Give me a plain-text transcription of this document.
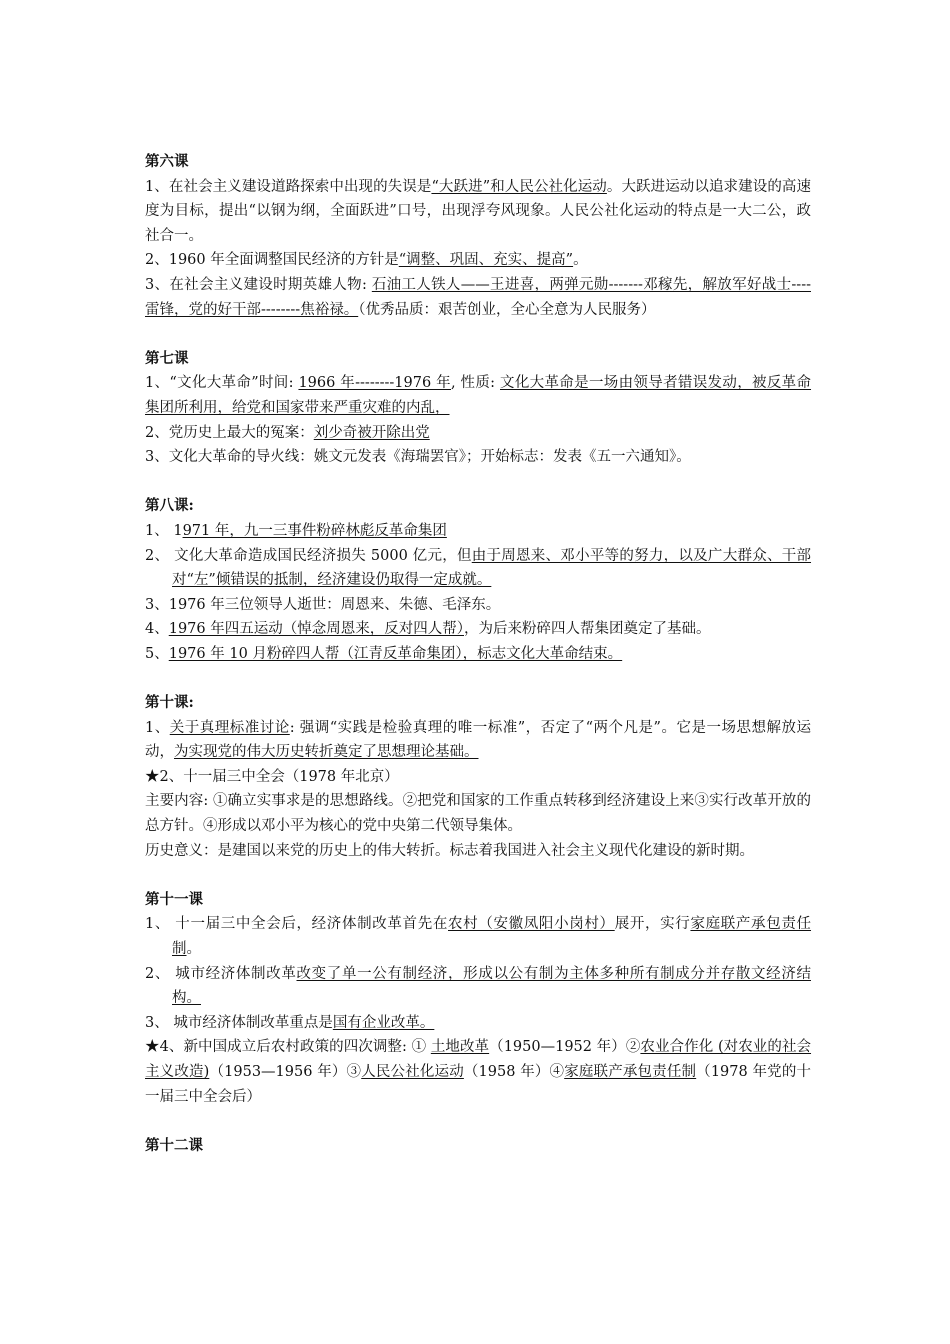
第六课
1、在社会主义建设道路探索中出现的失误是“大跃进”和人民公社化运动。大跃进运动以追求建设的高速度为目标，提出“以钢为纲，全面跃进”口号，出现浮夸风现象。人民公社化运动的特点是一大二公，政社合一。
2、1960 年全面调整国民经济的方针是“调整、巩固、充实、提高”。
3、在社会主义建设时期英雄人物: 石油工人铁人——王进喜，两弹元勋-------邓稼先，解放军好战士----雷锋，党的好干部--------焦裕禄。（优秀品质：艰苦创业，全心全意为人民服务）
第七课
1、“文化大革命”时间: 1966 年--------1976 年, 性质: 文化大革命是一场由领导者错误发动，被反革命集团所利用，给党和国家带来严重灾难的内乱，
2、党历史上最大的冤案：刘少奇被开除出党
3、文化大革命的导火线：姚文元发表《海瑞罢官》；开始标志：发表《五一六通知》。
第八课:
1、 1971 年，九一三事件粉碎林彪反革命集团
2、 文化大革命造成国民经济损失 5000 亿元，但由于周恩来、邓小平等的努力，以及广大群众、干部对“左”倾错误的抵制，经济建设仍取得一定成就。
3、1976 年三位领导人逝世：周恩来、朱德、毛泽东。
4、1976 年四五运动（悼念周恩来，反对四人帮），为后来粉碎四人帮集团奠定了基础。
5、1976 年 10 月粉碎四人帮（江青反革命集团），标志文化大革命结束。
第十课:
1、关于真理标准讨论: 强调“实践是检验真理的唯一标准”，否定了“两个凡是”。它是一场思想解放运动，为实现党的伟大历史转折奠定了思想理论基础。
★2、十一届三中全会（1978 年北京）
主要内容: ①确立实事求是的思想路线。②把党和国家的工作重点转移到经济建设上来③实行改革开放的总方针。④形成以邓小平为核心的党中央第二代领导集体。
历史意义：是建国以来党的历史上的伟大转折。标志着我国进入社会主义现代化建设的新时期。
第十一课
1、 十一届三中全会后，经济体制改革首先在农村（安徽凤阳小岗村）展开，实行家庭联产承包责任制。
2、 城市经济体制改革改变了单一公有制经济，形成以公有制为主体多种所有制成分并存散文经济结构。
3、 城市经济体制改革重点是国有企业改革。
★4、新中国成立后农村政策的四次调整: ① 土地改革（1950—1952 年）②农业合作化 (对农业的社会主义改造)（1953—1956 年）③人民公社化运动（1958 年）④家庭联产承包责任制（1978 年党的十一届三中全会后）
第十二课
